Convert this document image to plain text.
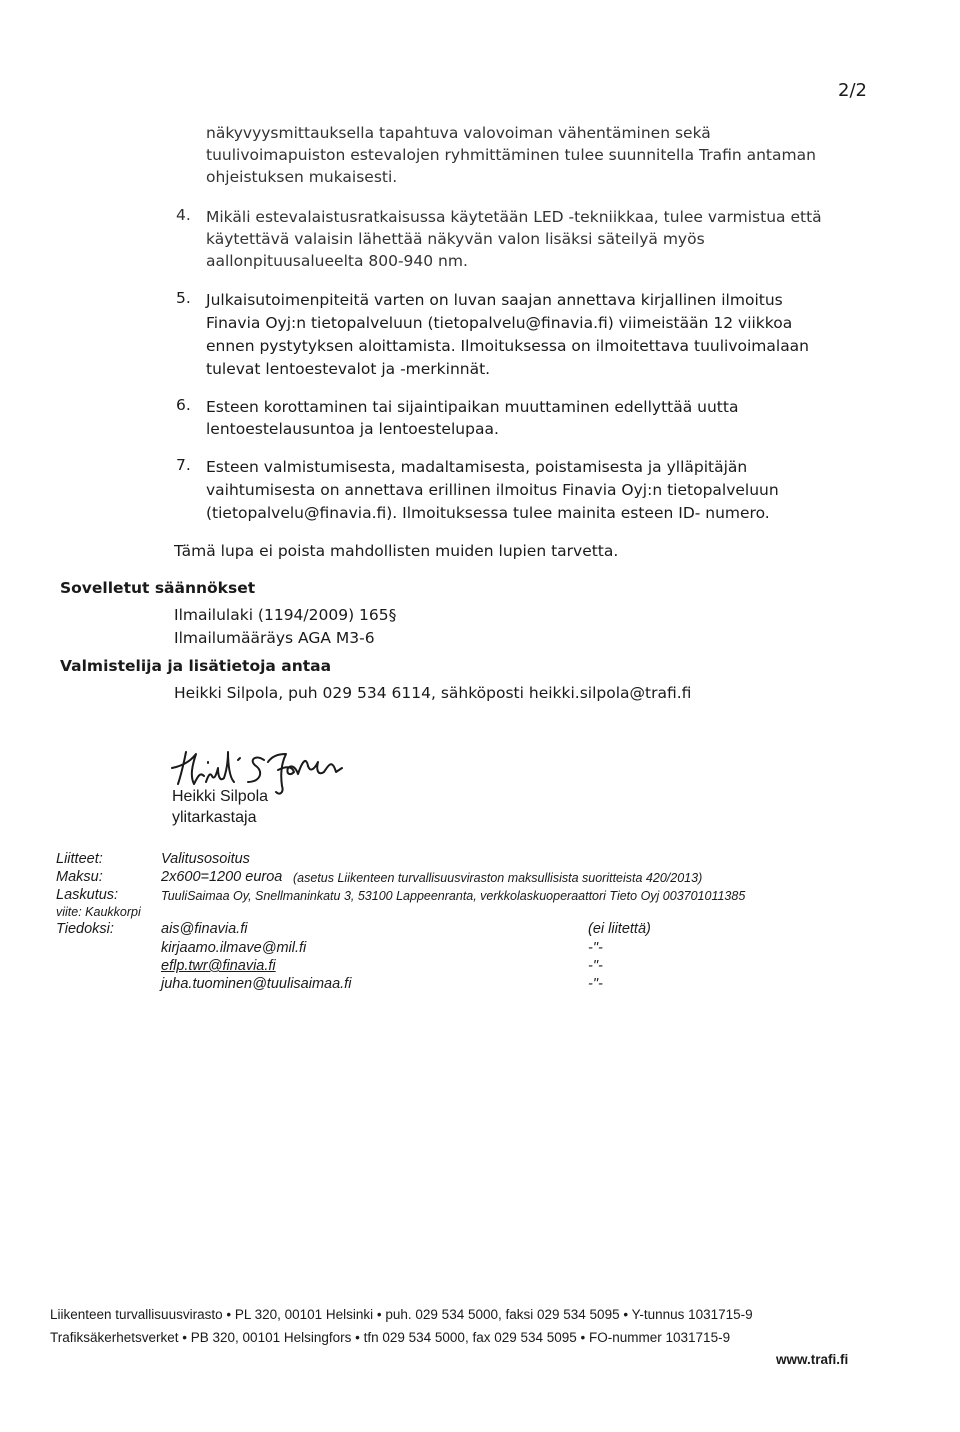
2/2
näkyvyysmittauksella tapahtuva valovoiman vähentäminen sekä
tuulivoimapuiston estevalojen ryhmittäminen tulee suunnitella Trafin antaman
ohjeistuksen mukaisesti.
4. Mikäli estevalaistusratkaisussa käytetään LED -tekniikkaa, tulee varmistua että
käytettävä valaisin lähettää näkyvän valon lisäksi säteilyä myös
aallonpituusalueelta 800-940 nm.
5. Julkaisutoimenpiteitä varten on luvan saajan annettava kirjallinen ilmoitus
Finavia Oyj:n tietopalveluun (tietopalvelu@finavia.fi) viimeistään 12 viikkoa
ennen pystytyksen aloittamista. Ilmoituksessa on ilmoitettava tuulivoimalaan
tulevat lentoestevalot ja -merkinnät.
6. Esteen korottaminen tai sijaintipaikan muuttaminen edellyttää uutta
lentoestelausuntoa ja lentoestelupaa.
7. Esteen valmistumisesta, madaltamisesta, poistamisesta ja ylläpitäjän
vaihtumisesta on annettava erillinen ilmoitus Finavia Oyj:n tietopalveluun
(tietopalvelu@finavia.fi). Ilmoituksessa tulee mainita esteen ID- numero.
Tämä lupa ei poista mahdollisten muiden lupien tarvetta.
Sovelletut säännökset
Ilmailulaki (1194/2009) 165§
Ilmailumääräys AGA M3-6
Valmistelija ja lisätietoja antaa
Heikki Silpola, puh 029 534 6114, sähköposti heikki.silpola@trafi.fi
Heikki Silpola
ylitarkastaja
Liitteet:	Valitusosoitus
Maksu:	2x600=1200 euroa (asetus Liikenteen turvallisuusviraston maksullisista suoritteista 420/2013)
Laskutus:	TuuliSaimaa Oy, Snellmaninkatu 3, 53100 Lappeenranta, verkkolaskuoperaattori Tieto Oyj 003701011385
viite: Kaukkorpi
Tiedoksi:	ais@finavia.fi	(ei liitettä)
kirjaamo.ilmave@mil.fi	-"-
eflp.twr@finavia.fi	-"-
juha.tuominen@tuulisaimaa.fi	-"-
Liikenteen turvallisuusvirasto • PL 320, 00101 Helsinki • puh. 029 534 5000, faksi 029 534 5095 • Y-tunnus 1031715-9
Trafiksäkerhetsverket • PB 320, 00101 Helsingfors • tfn 029 534 5000, fax 029 534 5095 • FO-nummer 1031715-9
www.trafi.fi
